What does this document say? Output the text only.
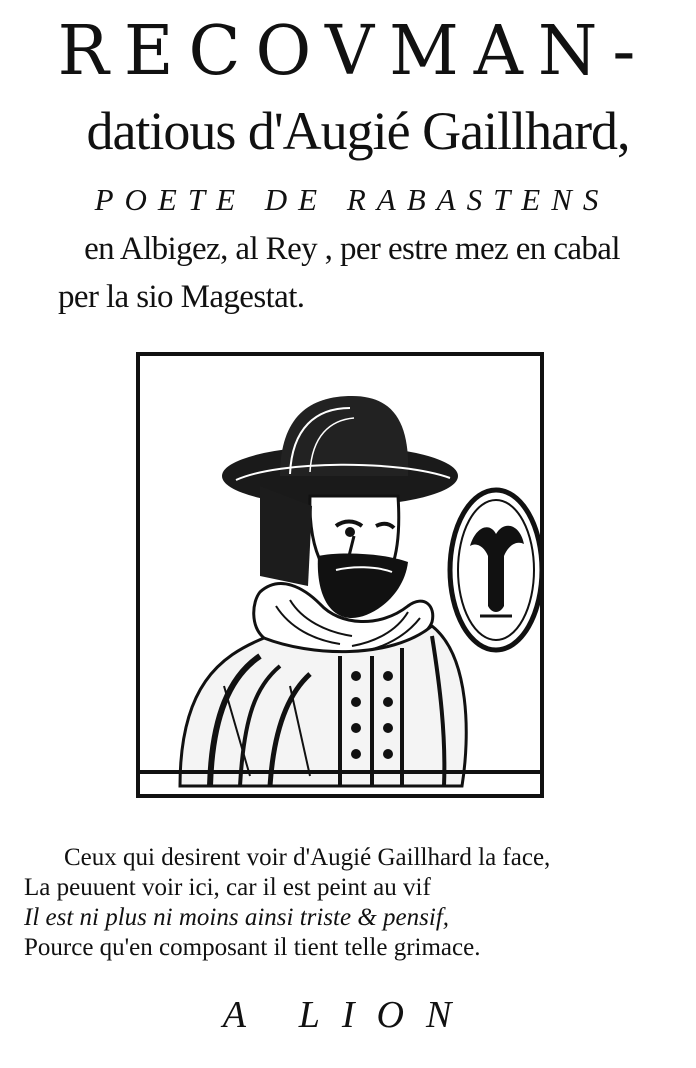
RECOVMAN-
datious d'Augié Gaillhard,
POETE DE RABASTENS
en Albigez, al Rey , per estre mez en cabal
per la sio Magestat.
Ceux qui desirent voir d'Augié Gaillhard la face,
La peuuent voir ici, car il est peint au vif
Il est ni plus ni moins ainsi triste & pensif,
Pource qu'en composant il tient telle grimace.
A LION
